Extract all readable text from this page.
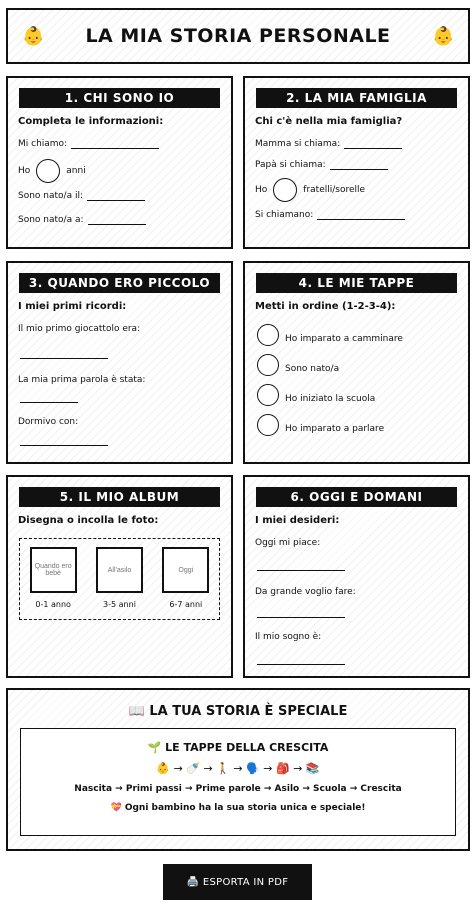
👶 LA MIA STORIA PERSONALE 👶
1. CHI SONO IO
Completa le informazioni:
Mi chiamo:
Ho	anni
Sono nato/a il:
Sono nato/a a:
2. LA MIA FAMIGLIA
Chi c'è nella mia famiglia?
Mamma si chiama:
Papà si chiama:
Ho	fratelli/sorelle
Si chiamano:
3. QUANDO ERO PICCOLO
I miei primi ricordi:
Il mio primo giocattolo era:
La mia prima parola è stata:
Dormivo con:
4. LE MIE TAPPE
Metti in ordine (1-2-3-4):
Ho imparato a camminare
Sono nato/a
Ho iniziato la scuola
Ho imparato a parlare
5. IL MIO ALBUM
Disegna o incolla le foto:
Quando ero bebè
0-1 anno
All'asilo
3-5 anni
Oggi
6-7 anni
6. OGGI E DOMANI
I miei desideri:
Oggi mi piace:
Da grande voglio fare:
Il mio sogno è:
📖 LA TUA STORIA È SPECIALE
🌱 LE TAPPE DELLA CRESCITA
👶 → 🍼 → 🚶 → 🗣️ → 🎒 → 📚
Nascita → Primi passi → Prime parole → Asilo → Scuola → Crescita
💝 Ogni bambino ha la sua storia unica e speciale!
🖨️ ESPORTA IN PDF
